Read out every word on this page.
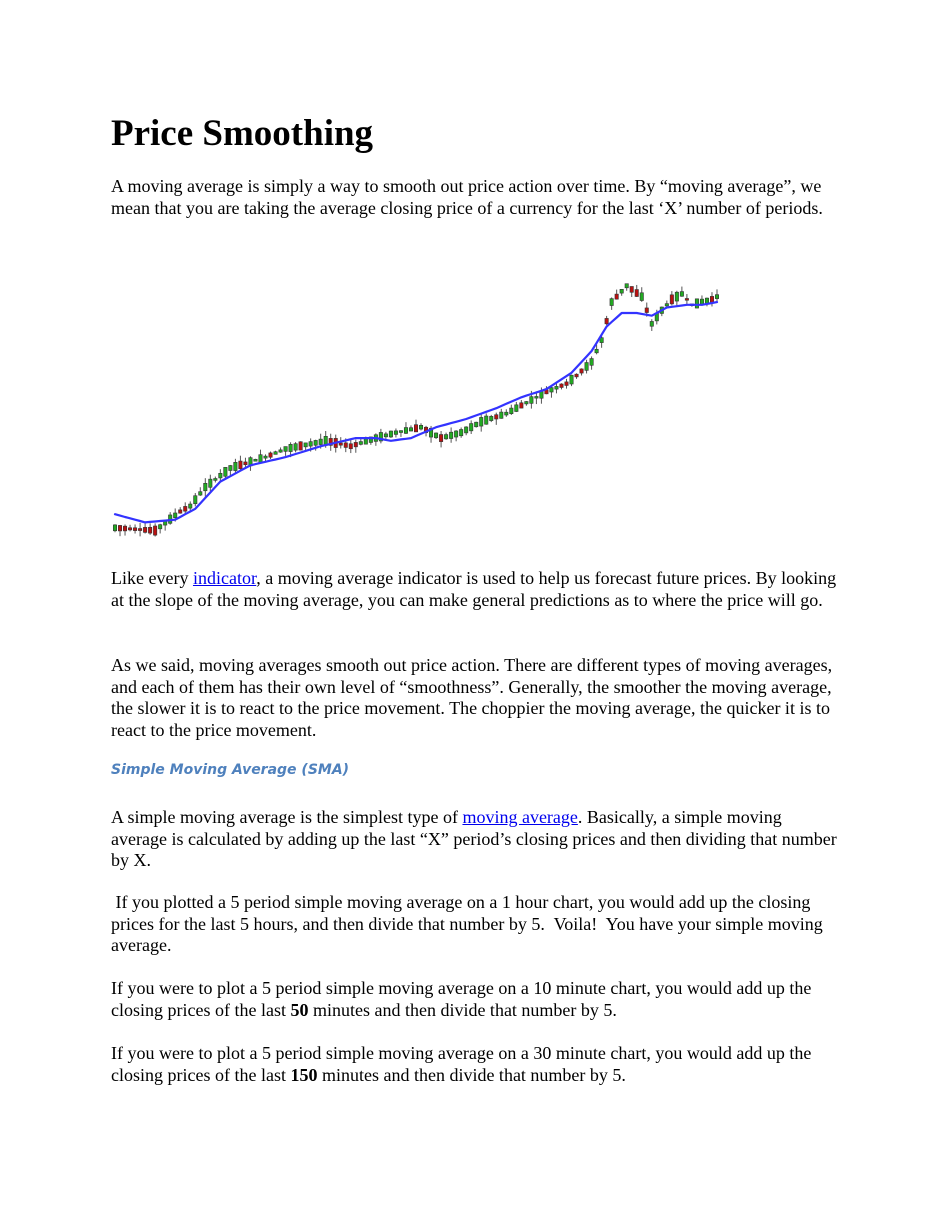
Price Smoothing

A moving average is simply a way to smooth out price action over time. By “moving average”, we mean that you are taking the average closing price of a currency for the last ‘X’ number of periods.

Like every indicator, a moving average indicator is used to help us forecast future prices. By looking at the slope of the moving average, you can make general predictions as to where the price will go.

As we said, moving averages smooth out price action. There are different types of moving averages, and each of them has their own level of “smoothness”. Generally, the smoother the moving average, the slower it is to react to the price movement. The choppier the moving average, the quicker it is to react to the price movement.

Simple Moving Average (SMA)

A simple moving average is the simplest type of moving average. Basically, a simple moving average is calculated by adding up the last “X” period’s closing prices and then dividing that number by X.

If you plotted a 5 period simple moving average on a 1 hour chart, you would add up the closing prices for the last 5 hours, and then divide that number by 5.  Voila!  You have your simple moving average.

If you were to plot a 5 period simple moving average on a 10 minute chart, you would add up the closing prices of the last 50 minutes and then divide that number by 5.

If you were to plot a 5 period simple moving average on a 30 minute chart, you would add up the closing prices of the last 150 minutes and then divide that number by 5.
